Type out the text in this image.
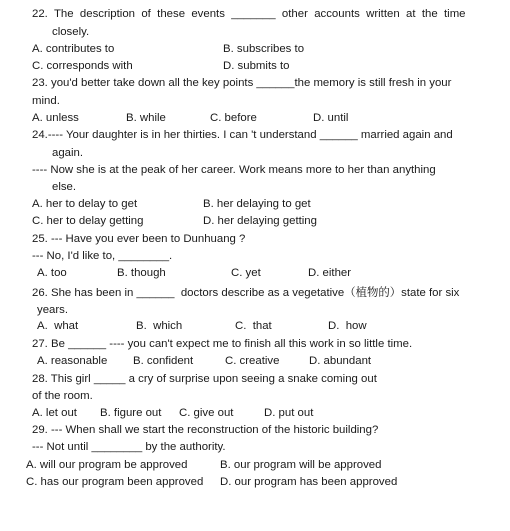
22.  The  description  of  these  events  _______  other  accounts  written  at  the  time
closely.

A. contributes to

	B. subscribes to

C. corresponds with

	D. submits to

23. you'd better take down all the key points ______the memory is still fresh in your
mind.

A. unless

	B. while

	C. before

	D. until

24.---- Your daughter is in her thirties. I can 't understand ______ married again and
again.
---- Now she is at the peak of her career. Work means more to her than anything
else.

A. her to delay to get

	B. her delaying to get

C. her to delay getting

	D. her delaying getting

25. --- Have you ever been to Dunhuang ?
--- No, I'd like to, ________.

A. too

	B. though

	C. yet

	D. either

26. She has been in ______  doctors describe as a vegetative（植物的）state for six
years.

A.  what

	B.  which

	C.  that

	D.  how

27. Be ______ ---- you can't expect me to finish all this work in so little time.

A. reasonable

B. confident

	C. creative

	D. abundant

28. This girl _____ a cry of surprise upon seeing a snake coming out
of the room.

A. let out

B. figure out

C. give out

	D. put out

29. --- When shall we start the reconstruction of the historic building?
--- Not until ________ by the authority.

A. will our program be approved

	B. our program will be approved

C. has our program been approved

D. our program has been approved
